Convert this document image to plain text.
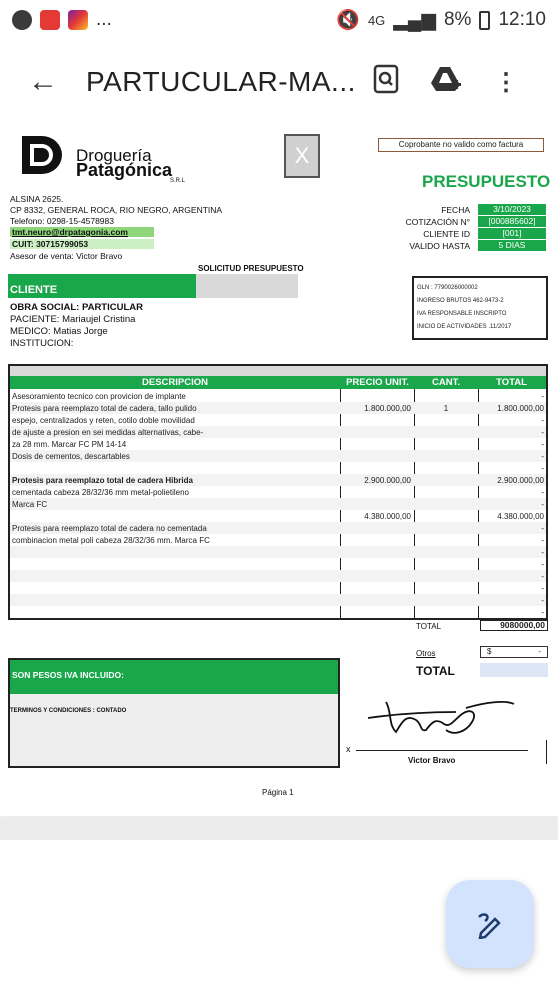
...	🔇 4G ▂▄▆ 8% 12:10
←	PARTUCULAR-MA...	⋮
Droguería
Patagónica
S.R.L
X	Coprobante no valido como factura
PRESUPUESTO
ALSINA 2625.
CP 8332, GENERAL ROCA, RIO NEGRO, ARGENTINA
Telefono: 0298-15-4578983
tmt.neuro@drpatagonia.com
CUIT: 30715799053
Asesor de venta: Victor Bravo
FECHA	3/10/2023
COTIZACIÓN N°	[000885602]
CLIENTE ID	[001]
VALIDO HASTA	5 DIAS
SOLICITUD PRESUPUESTO
CLIENTE
OBRA SOCIAL: PARTICULAR
PACIENTE: Mariaujel Cristina
MEDICO: Matias Jorge
INSTITUCION:
GLN : 7790026000002
INGRESO BRUTOS 462-9473-2
IVA RESPONSABLE INSCRIPTO
INICIO DE ACTIVIDADES .11/2017
DESCRIPCION	PRECIO UNIT.	CANT.	TOTAL
TOTAL	9080000,00
Otros	$	-
TOTAL
SON PESOS IVA INCLUIDO:
TERMINOS Y CONDICIONES : CONTADO
x
Victor Bravo
Página 1
Asesoramiento tecnico con provicion de implante	-
Protesis para reemplazo total de cadera, tallo pulido	1.800.000,00	1	1.800.000,00
espejo, centralizados y reten, cotilo doble movilidad	-
de ajuste a presion en sei medidas alternativas, cabe-	-
za 28 mm. Marcar FC PM 14-14	-
Dosis de cementos, descartables	-
-
Protesis para reemplazo total de cadera Hibrida	2.900.000,00	2.900.000,00
cementada cabeza 28/32/36 mm metal-polietileno	-
Marca FC	-
4.380.000,00	4.380.000,00
Protesis para reemplazo total de cadera no cementada	-
combinacion metal poli cabeza 28/32/36 mm. Marca FC	-
-
-
-
-
-
-
